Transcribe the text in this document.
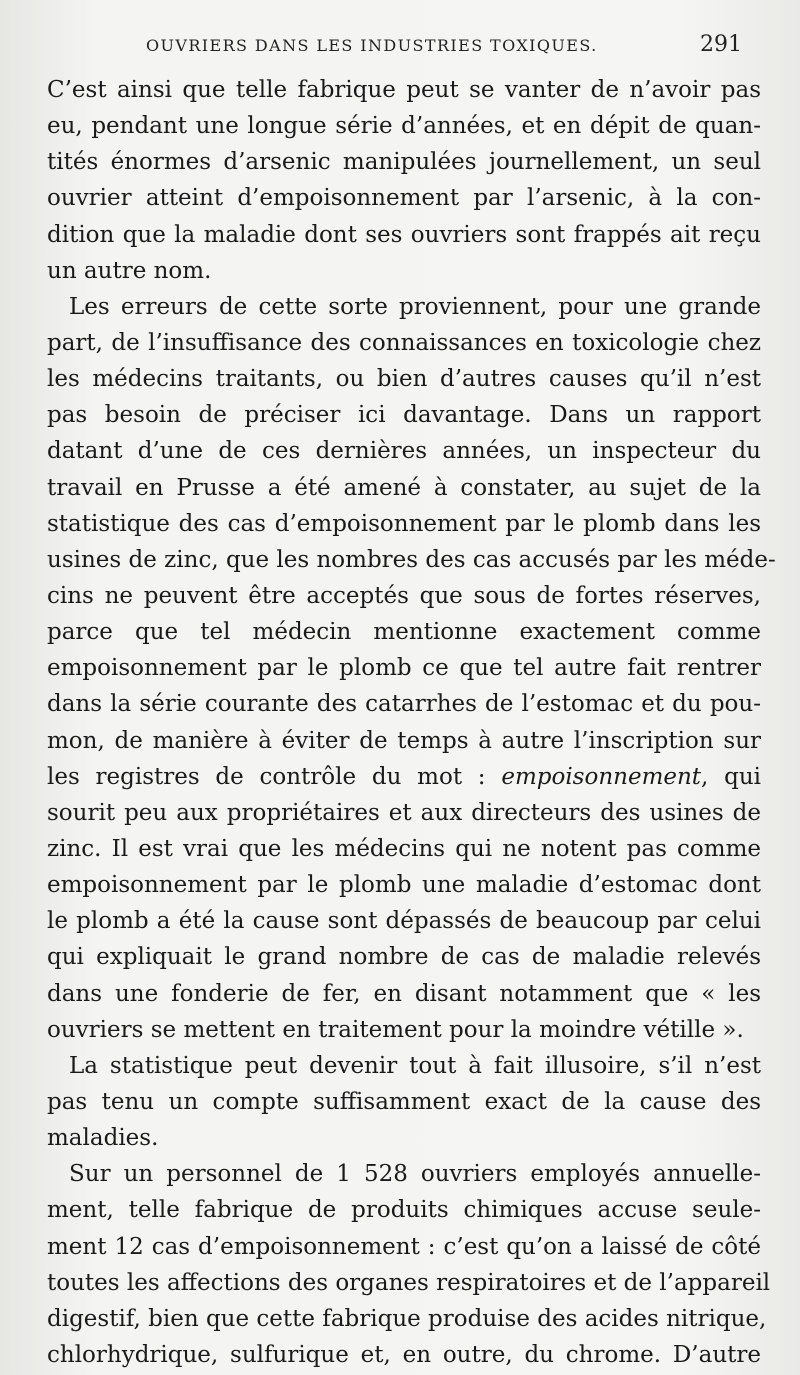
OUVRIERS DANS LES INDUSTRIES TOXIQUES.	291
C’est ainsi que telle fabrique peut se vanter de n’avoir pas
eu, pendant une longue série d’années, et en dépit de quan-
tités énormes d’arsenic manipulées journellement, un seul
ouvrier atteint d’empoisonnement par l’arsenic, à la con-
dition que la maladie dont ses ouvriers sont frappés ait reçu
un autre nom.
Les erreurs de cette sorte proviennent, pour une grande
part, de l’insuffisance des connaissances en toxicologie chez
les médecins traitants, ou bien d’autres causes qu’il n’est
pas besoin de préciser ici davantage. Dans un rapport
datant d’une de ces dernières années, un inspecteur du
travail en Prusse a été amené à constater, au sujet de la
statistique des cas d’empoisonnement par le plomb dans les
usines de zinc, que les nombres des cas accusés par les méde-
cins ne peuvent être acceptés que sous de fortes réserves,
parce que tel médecin mentionne exactement comme
empoisonnement par le plomb ce que tel autre fait rentrer
dans la série courante des catarrhes de l’estomac et du pou-
mon, de manière à éviter de temps à autre l’inscription sur
les registres de contrôle du mot : empoisonnement, qui
sourit peu aux propriétaires et aux directeurs des usines de
zinc. Il est vrai que les médecins qui ne notent pas comme
empoisonnement par le plomb une maladie d’estomac dont
le plomb a été la cause sont dépassés de beaucoup par celui
qui expliquait le grand nombre de cas de maladie relevés
dans une fonderie de fer, en disant notamment que « les
ouvriers se mettent en traitement pour la moindre vétille ».
La statistique peut devenir tout à fait illusoire, s’il n’est
pas tenu un compte suffisamment exact de la cause des
maladies.
Sur un personnel de 1 528 ouvriers employés annuelle-
ment, telle fabrique de produits chimiques accuse seule-
ment 12 cas d’empoisonnement : c’est qu’on a laissé de côté
toutes les affections des organes respiratoires et de l’appareil
digestif, bien que cette fabrique produise des acides nitrique,
chlorhydrique, sulfurique et, en outre, du chrome. D’autre
